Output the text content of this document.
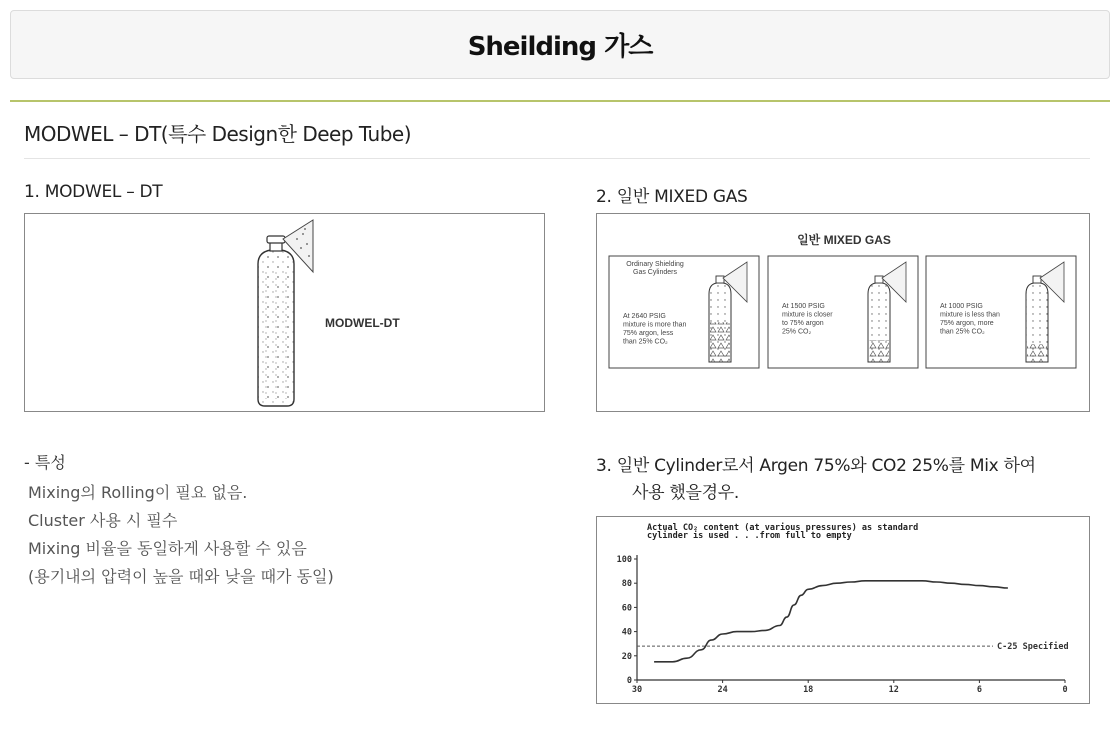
Sheilding 가스
MODWEL – DT(특수 Design한 Deep Tube)
1. MODWEL – DT	2. 일반 MIXED GAS
MODWEL-DT
일반 MIXED GAS
Ordinary Shielding
Gas Cylinders
At 2640 PSIG
mixture is more than
75% argon, less
than 25% CO₂
At 1500 PSIG
mixture is closer
to 75% argon
25% CO₂
At 1000 PSIG
mixture is less than
75% argon, more
than 25% CO₂
3. 일반 Cylinder로서 Argen 75%와 CO2 25%를 Mix 하여
사용 했을경우.
- 특성
Mixing의 Rolling이 필요 없음.
Cluster 사용 시 필수
Mixing 비율을 동일하게 사용할 수 있음
(용기내의 압력이 높을 때와 낮을 때가 동일)
Actual CO₂ content (at various pressures) as standard
cylinder is used . . .from full to empty
0
20
40
60
80
100
30	24	18	12	6	0
C-25 Specified
